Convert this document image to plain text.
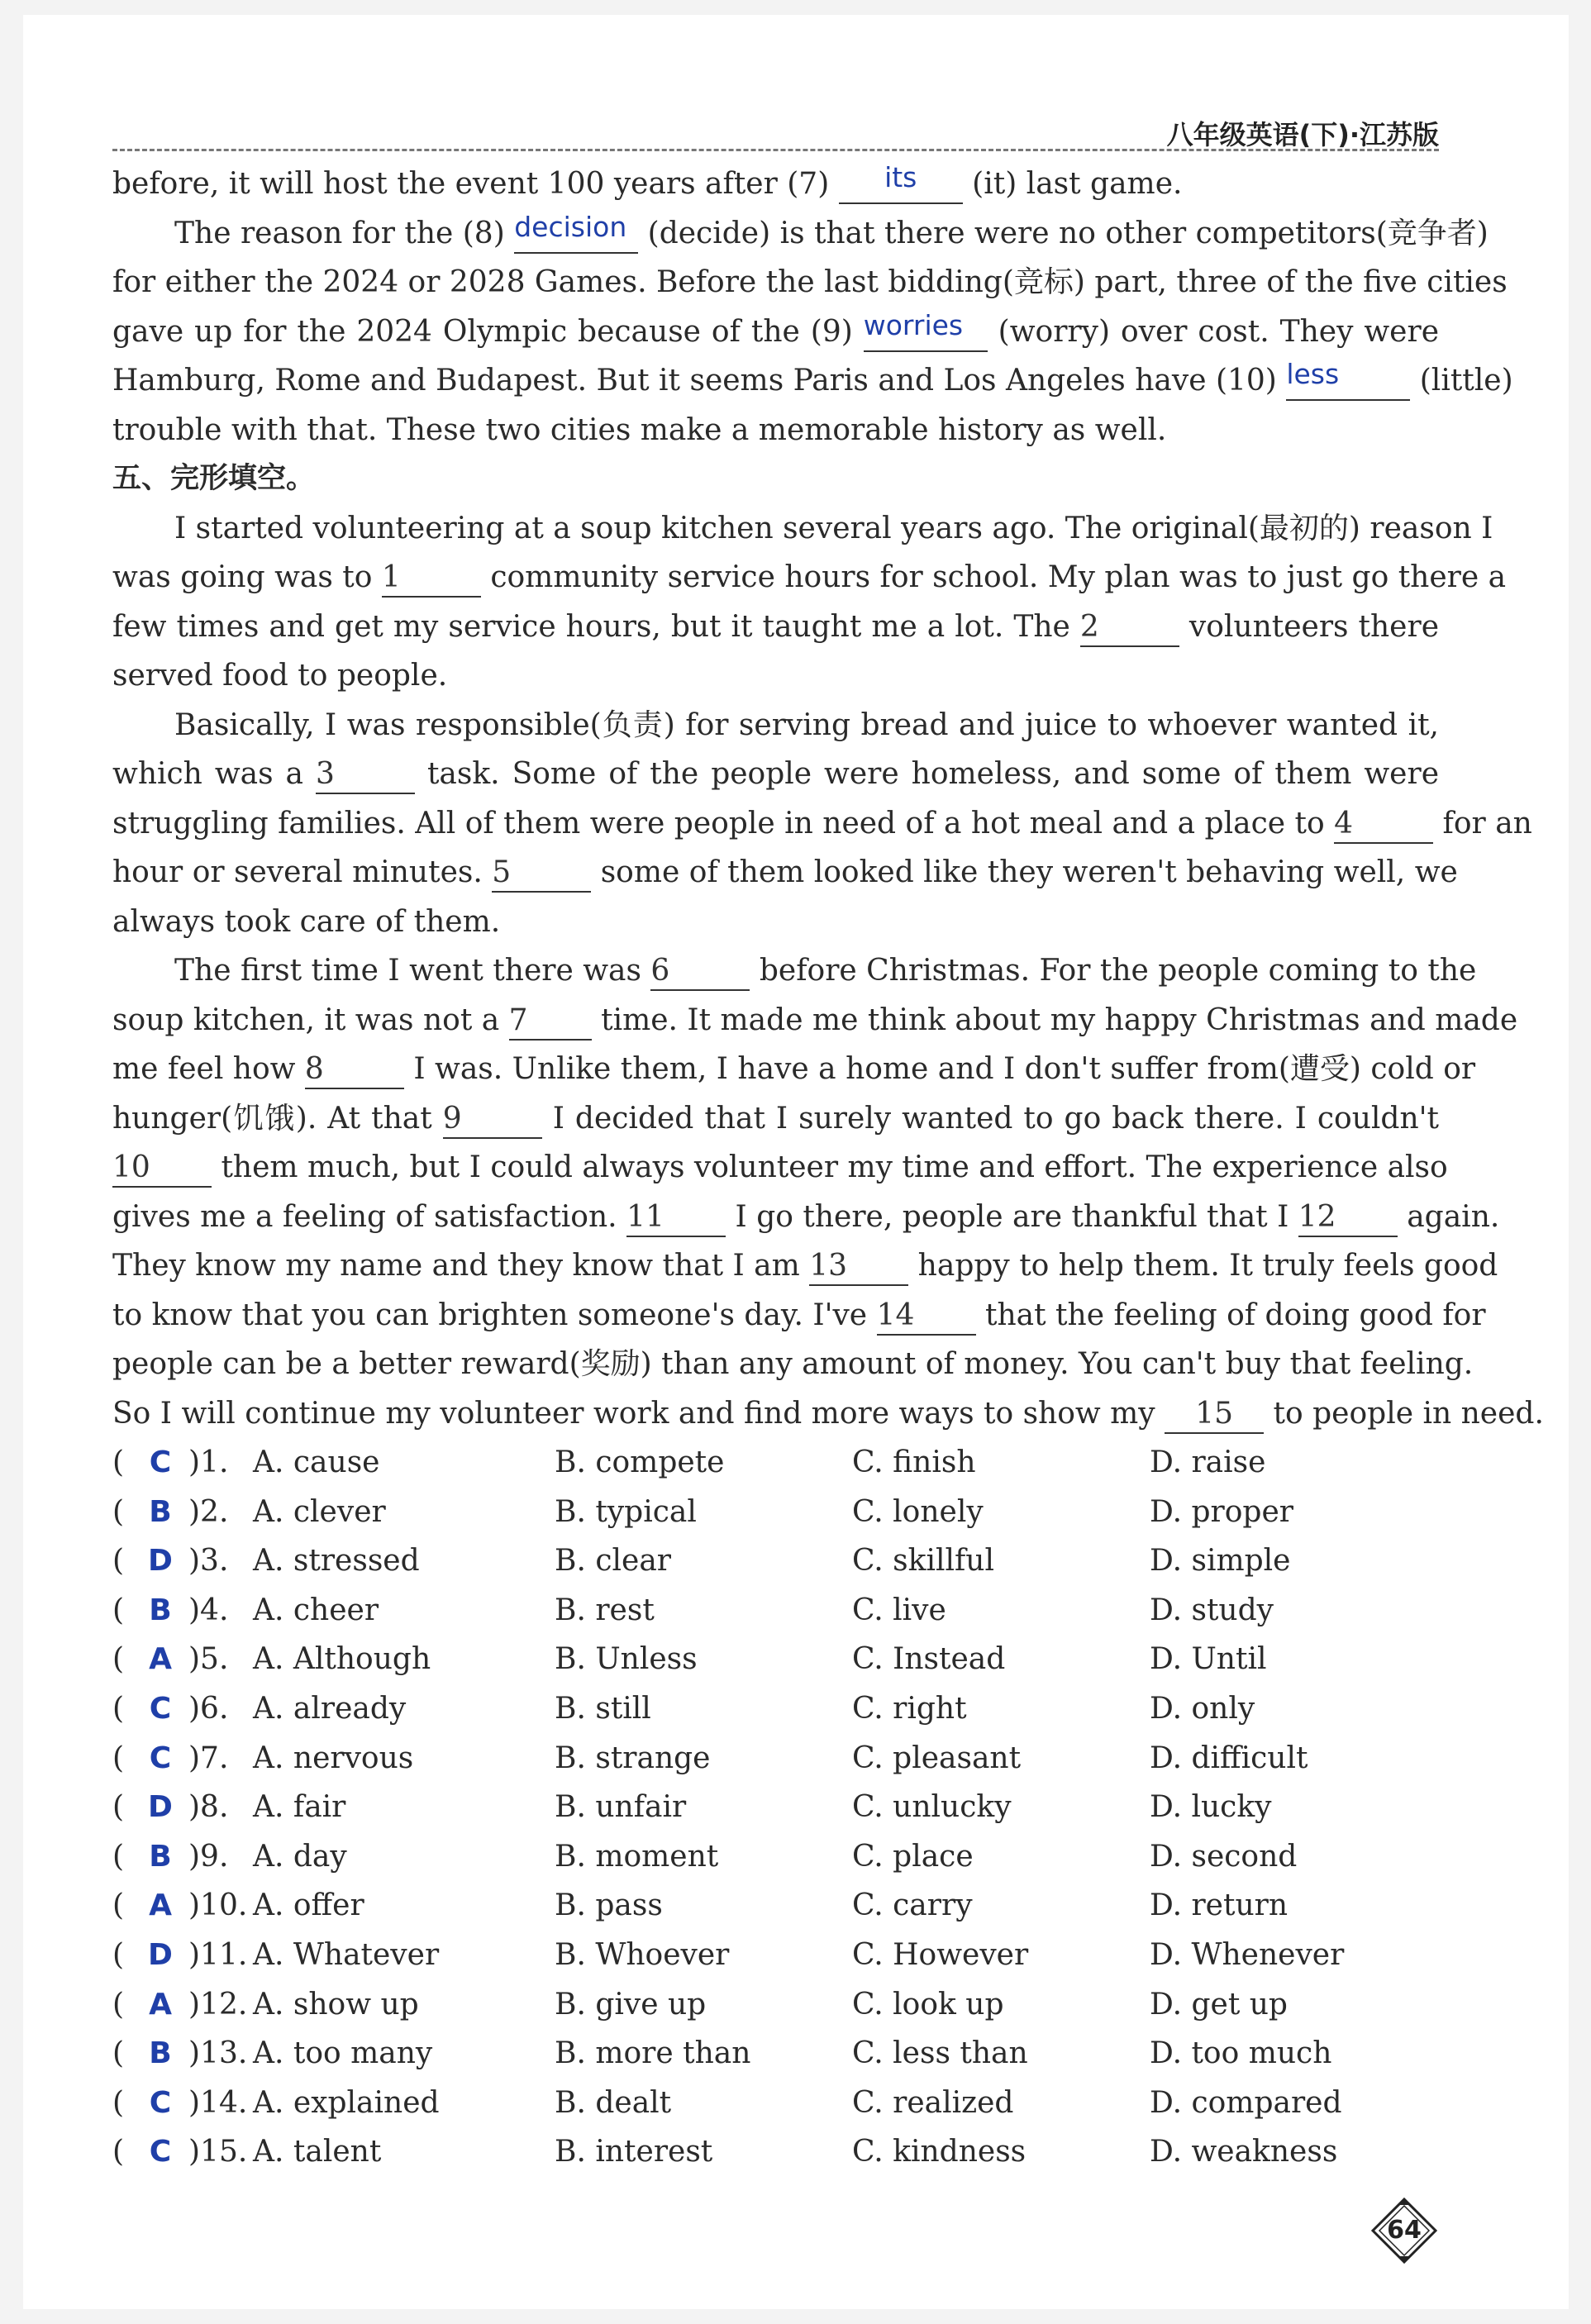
八年级英语(下)·江苏版
before, it will host the event 100 years after (7) its (it) last game.
The reason for the (8) decision (decide) is that there were no other competitors(竞争者)
for either the 2024 or 2028 Games. Before the last bidding(竞标) part, three of the five cities
gave up for the 2024 Olympic because of the (9) worries (worry) over cost. They were
Hamburg, Rome and Budapest. But it seems Paris and Los Angeles have (10) less	(little)
trouble with that. These two cities make a memorable history as well.
五、完形填空。
I started volunteering at a soup kitchen several years ago. The original(最初的) reason I
was going was to 1	community service hours for school. My plan was to just go there a
few times and get my service hours, but it taught me a lot. The 2	volunteers there
served food to people.
Basically, I was responsible(负责) for serving bread and juice to whoever wanted it,
which was a 3	task. Some of the people were homeless, and some of them were
struggling families. All of them were people in need of a hot meal and a place to 4	for an
hour or several minutes. 5	some of them looked like they weren't behaving well, we
always took care of them.
The first time I went there was 6	before Christmas. For the people coming to the
soup kitchen, it was not a 7 time. It made me think about my happy Christmas and made
me feel how 8	I was. Unlike them, I have a home and I don't suffer from(遭受) cold or
hunger(饥饿). At that 9	I decided that I surely wanted to go back there. I couldn't
10 them much, but I could always volunteer my time and effort. The experience also
gives me a feeling of satisfaction. 11 I go there, people are thankful that I 12 again.
They know my name and they know that I am 13 happy to help them. It truly feels good
to know that you can brighten someone's day. I've 14 that the feeling of doing good for
people can be a better reward(奖励) than any amount of money. You can't buy that feeling.
So I will continue my volunteer work and find more ways to show my 15 to people in need.
( C )1. A. cause	B. compete	C. finish	D. raise
( B )2. A. clever	B. typical	C. lonely	D. proper
( D )3. A. stressed	B. clear	C. skillful	D. simple
( B )4. A. cheer	B. rest	C. live	D. study
( A )5. A. Although	B. Unless	C. Instead	D. Until
( C )6. A. already	B. still	C. right	D. only
( C )7. A. nervous	B. strange	C. pleasant	D. difficult
( D )8. A. fair	B. unfair	C. unlucky	D. lucky
( B )9. A. day	B. moment	C. place	D. second
( A )10. A. offer	B. pass	C. carry	D. return
( D )11. A. Whatever	B. Whoever	C. However	D. Whenever
( A )12. A. show up	B. give up	C. look up	D. get up
( B )13. A. too many	B. more than	C. less than	D. too much
( C )14. A. explained	B. dealt	C. realized	D. compared
( C )15. A. talent	B. interest	C. kindness	D. weakness
64
